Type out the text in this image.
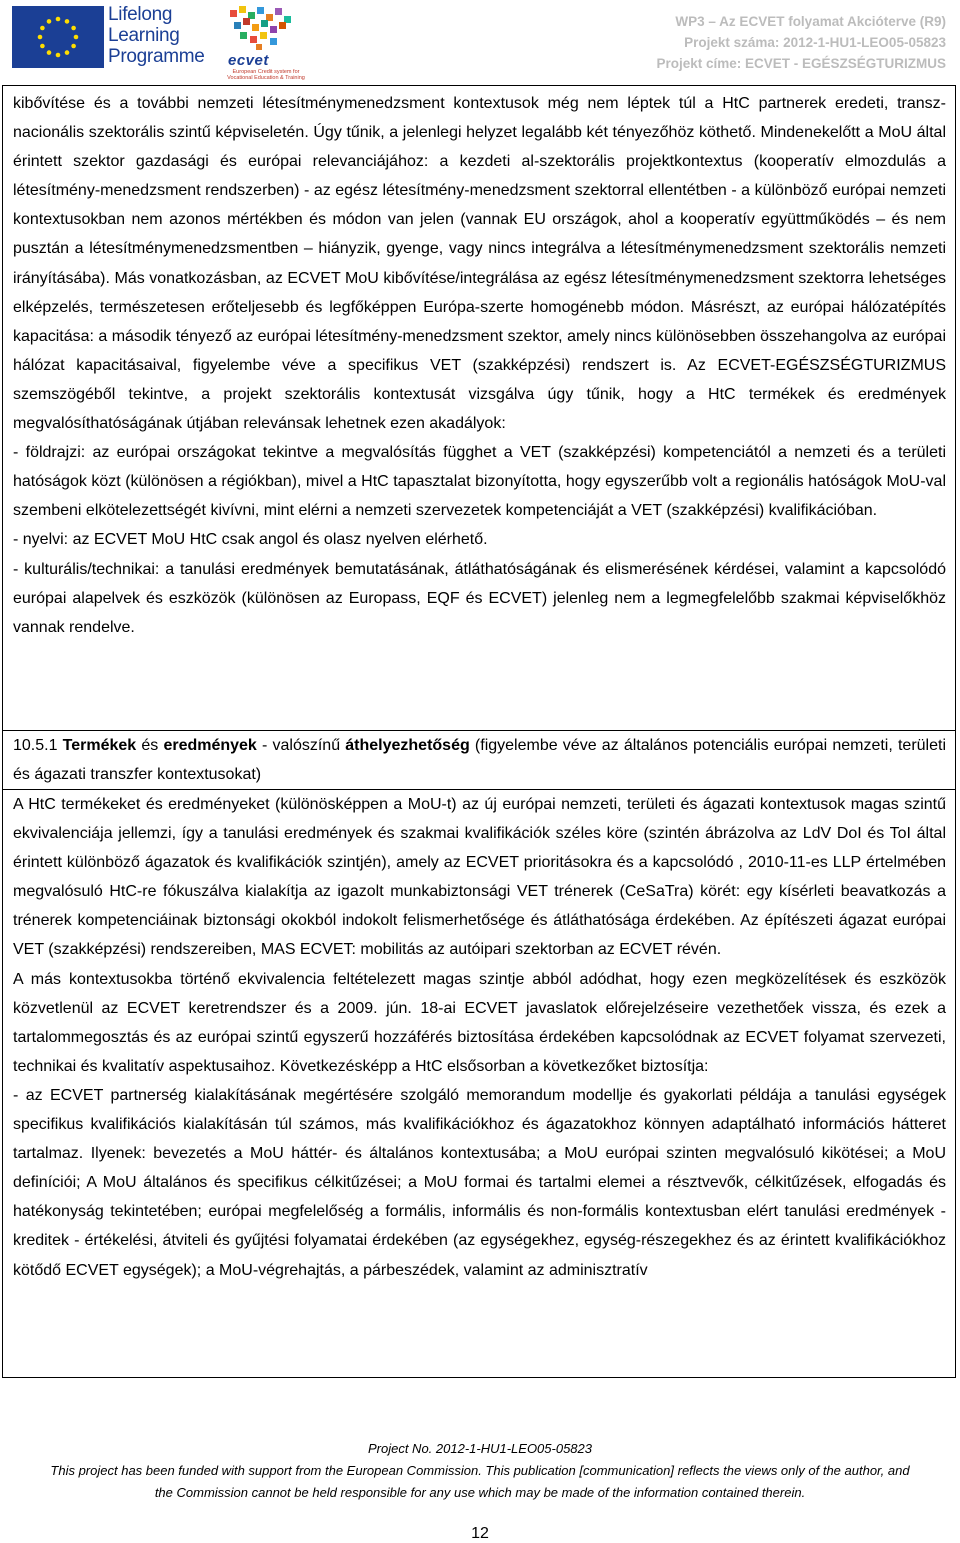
Lifelong
Learning
Programme ecvet
European Credit system for Vocational Education & Training
WP3 – Az ECVET folyamat Akcióterve (R9)
Projekt száma: 2012-1-HU1-LEO05-05823
Projekt címe: ECVET - EGÉSZSÉGTURIZMUS

kibővítése és a további nemzeti létesítménymenedzsment kontextusok még nem léptek túl a HtC partnerek eredeti, transz-nacionális szektorális szintű képviseletén. Úgy tűnik, a jelenlegi helyzet legalább két tényezőhöz köthető. Mindenekelőtt a MoU által érintett szektor gazdasági és európai relevanciájához: a kezdeti al-szektorális projektkontextus (kooperatív elmozdulás a létesítmény-menedzsment rendszerben) - az egész létesítmény-menedzsment szektorral ellentétben - a különböző európai nemzeti kontextusokban nem azonos mértékben és módon van jelen (vannak EU országok, ahol a kooperatív együttműködés – és nem pusztán a létesítménymenedzsmentben – hiányzik, gyenge, vagy nincs integrálva a létesítménymenedzsment szektorális nemzeti irányításába). Más vonatkozásban, az ECVET MoU kibővítése/integrálása az egész létesítménymenedzsment szektorra lehetséges elképzelés, természetesen erőteljesebb és legfőképpen Európa-szerte homogénebb módon. Másrészt, az európai hálózatépítés kapacitása: a második tényező az európai létesítmény-menedzsment szektor, amely nincs különösebben összehangolva az európai hálózat kapacitásaival, figyelembe véve a specifikus VET (szakképzési) rendszert is. Az ECVET-EGÉSZSÉGTURIZMUS szemszögéből tekintve, a projekt szektorális kontextusát vizsgálva úgy tűnik, hogy a HtC termékek és eredmények megvalósíthatóságának útjában relevánsak lehetnek ezen akadályok:

- földrajzi: az európai országokat tekintve a megvalósítás függhet a VET (szakképzési) kompetenciától a nemzeti és a területi hatóságok közt (különösen a régiókban), mivel a HtC tapasztalat bizonyította, hogy egyszerűbb volt a regionális hatóságok MoU-val szembeni elkötelezettségét kivívni, mint elérni a nemzeti szervezetek kompetenciáját a VET (szakképzési) kvalifikációban.

- nyelvi: az ECVET MoU HtC csak angol és olasz nyelven elérhető.

- kulturális/technikai: a tanulási eredmények bemutatásának, átláthatóságának és elismerésének kérdései, valamint a kapcsolódó európai alapelvek és eszközök (különösen az Europass, EQF és ECVET) jelenleg nem a legmegfelelőbb szakmai képviselőkhöz vannak rendelve.

10.5.1 Termékek és eredmények - valószínű áthelyezhetőség (figyelembe véve az általános potenciális európai nemzeti, területi és ágazati transzfer kontextusokat)

A HtC termékeket és eredményeket (különösképpen a MoU-t) az új európai nemzeti, területi és ágazati kontextusok magas szintű ekvivalenciája jellemzi, így a tanulási eredmények és szakmai kvalifikációk széles köre (szintén ábrázolva az LdV DoI és ToI által érintett különböző ágazatok és kvalifikációk szintjén), amely az ECVET prioritásokra és a kapcsolódó , 2010-11-es LLP értelmében megvalósuló HtC-re fókuszálva kialakítja az igazolt munkabiztonsági VET trénerek (CeSaTra) körét: egy kísérleti beavatkozás a trénerek kompetenciáinak biztonsági okokból indokolt felismerhetősége és átláthatósága érdekében. Az építészeti ágazat európai VET (szakképzési) rendszereiben, MAS ECVET: mobilitás az autóipari szektorban az ECVET révén.

A más kontextusokba történő ekvivalencia feltételezett magas szintje abból adódhat, hogy ezen megközelítések és eszközök közvetlenül az ECVET keretrendszer és a 2009. jún. 18-ai ECVET javaslatok előrejelzéseire vezethetőek vissza, és ezek a tartalommegosztás és az európai szintű egyszerű hozzáférés biztosítása érdekében kapcsolódnak az ECVET folyamat szervezeti, technikai és kvalitatív aspektusaihoz. Következésképp a HtC elsősorban a következőket biztosítja:

- az ECVET partnerség kialakításának megértésére szolgáló memorandum modellje és gyakorlati példája a tanulási egységek specifikus kvalifikációs kialakításán túl számos, más kvalifikációkhoz és ágazatokhoz könnyen adaptálható információs hátteret tartalmaz. Ilyenek: bevezetés a MoU háttér- és általános kontextusába; a MoU európai szinten megvalósuló kikötései; a MoU definíciói; A MoU általános és specifikus célkitűzései; a MoU formai és tartalmi elemei a résztvevők, célkitűzések, elfogadás és hatékonyság tekintetében; európai megfelelőség a formális, informális és non-formális kontextusban elért tanulási eredmények - kreditek - értékelési, átviteli és gyűjtési folyamatai érdekében (az egységekhez, egység-részegekhez és az érintett kvalifikációkhoz kötődő ECVET egységek); a MoU-végrehajtás, a párbeszédek, valamint az adminisztratív

Project No. 2012-1-HU1-LEO05-05823
This project has been funded with support from the European Commission. This publication [communication] reflects the views only of the author, and
the Commission cannot be held responsible for any use which may be made of the information contained therein.
12
